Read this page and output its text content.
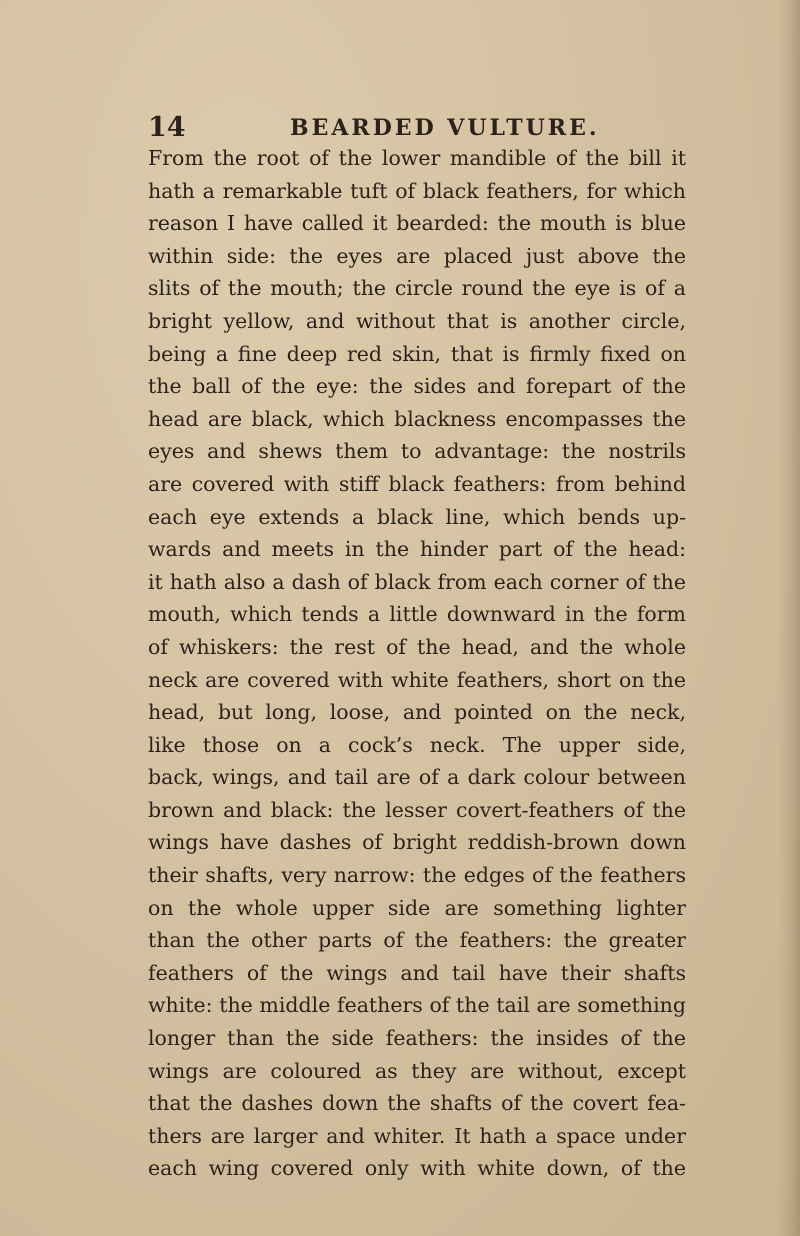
14	BEARDED VULTURE.
From the root of the lower mandible of the bill it
hath a remarkable tuft of black feathers, for which
reason I have called it bearded: the mouth is blue
within side: the eyes are placed just above the
slits of the mouth; the circle round the eye is of a
bright yellow, and without that is another circle,
being a fine deep red skin, that is firmly fixed on
the ball of the eye: the sides and forepart of the
head are black, which blackness encompasses the
eyes and shews them to advantage: the nostrils
are covered with stiff black feathers: from behind
each eye extends a black line, which bends up-
wards and meets in the hinder part of the head:
it hath also a dash of black from each corner of the
mouth, which tends a little downward in the form
of whiskers: the rest of the head, and the whole
neck are covered with white feathers, short on the
head, but long, loose, and pointed on the neck,
like those on a cock’s neck. The upper side,
back, wings, and tail are of a dark colour between
brown and black: the lesser covert-feathers of the
wings have dashes of bright reddish-brown down
their shafts, very narrow: the edges of the feathers
on the whole upper side are something lighter
than the other parts of the feathers: the greater
feathers of the wings and tail have their shafts
white: the middle feathers of the tail are something
longer than the side feathers: the insides of the
wings are coloured as they are without, except
that the dashes down the shafts of the covert fea-
thers are larger and whiter. It hath a space under
each wing covered only with white down, of the
